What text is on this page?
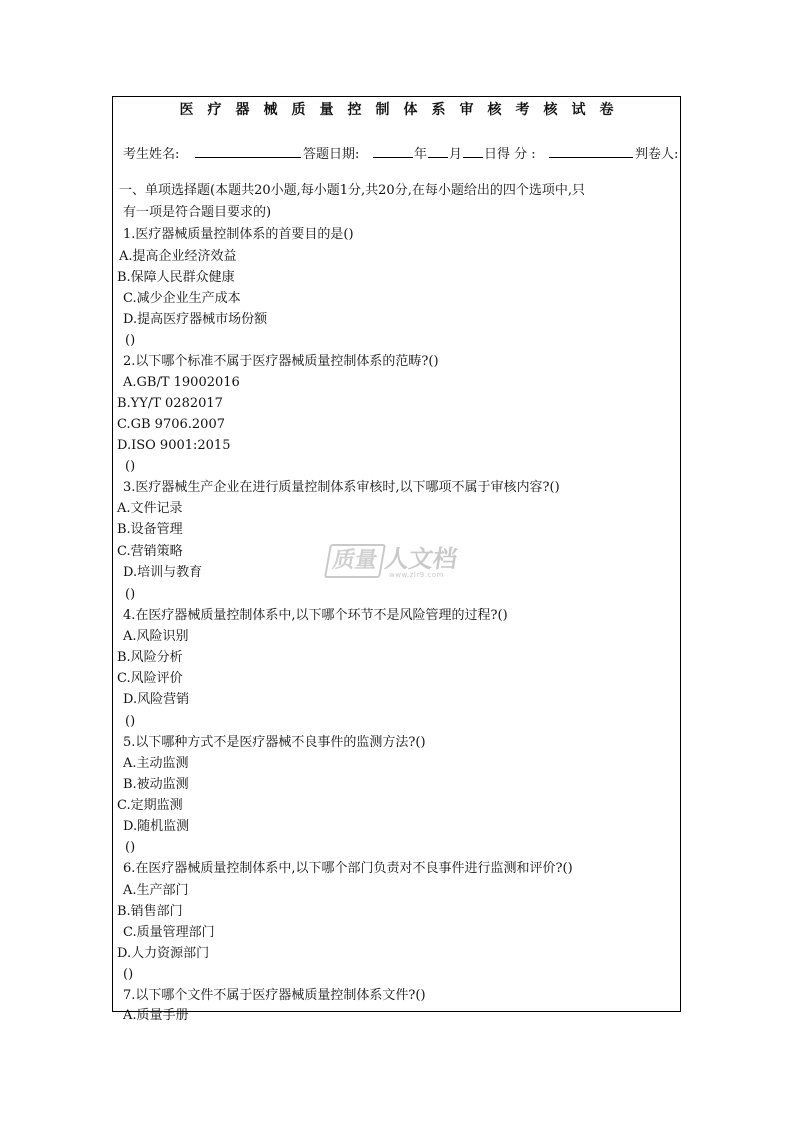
医疗器械质量控制体系审核考核试卷
考生姓名:	答题日期:	年 月 日得 分 :	判卷人:
一、单项选择题(本题共20小题,每小题1分,共20分,在每小题给出的四个选项中,只
有一项是符合题目要求的)
1.医疗器械质量控制体系的首要目的是()
A.提高企业经济效益
B.保障人民群众健康
C.减少企业生产成本
D.提高医疗器械市场份额
()
2.以下哪个标准不属于医疗器械质量控制体系的范畴?()
A.GB/T 19002016
B.YY/T 0282017
C.GB 9706.2007
D.ISO 9001:2015
()
3.医疗器械生产企业在进行质量控制体系审核时,以下哪项不属于审核内容?()
A.文件记录
B.设备管理
C.营销策略
D.培训与教育
()
4.在医疗器械质量控制体系中,以下哪个环节不是风险管理的过程?()
A.风险识别
B.风险分析
C.风险评价
D.风险营销
()
5.以下哪种方式不是医疗器械不良事件的监测方法?()
A.主动监测
B.被动监测
C.定期监测
D.随机监测
()
6.在医疗器械质量控制体系中,以下哪个部门负责对不良事件进行监测和评价?()
A.生产部门
B.销售部门
C.质量管理部门
D.人力资源部门
()
7.以下哪个文件不属于医疗器械质量控制体系文件?()
A.质量手册
质量 人文档
www.zlr9.com
